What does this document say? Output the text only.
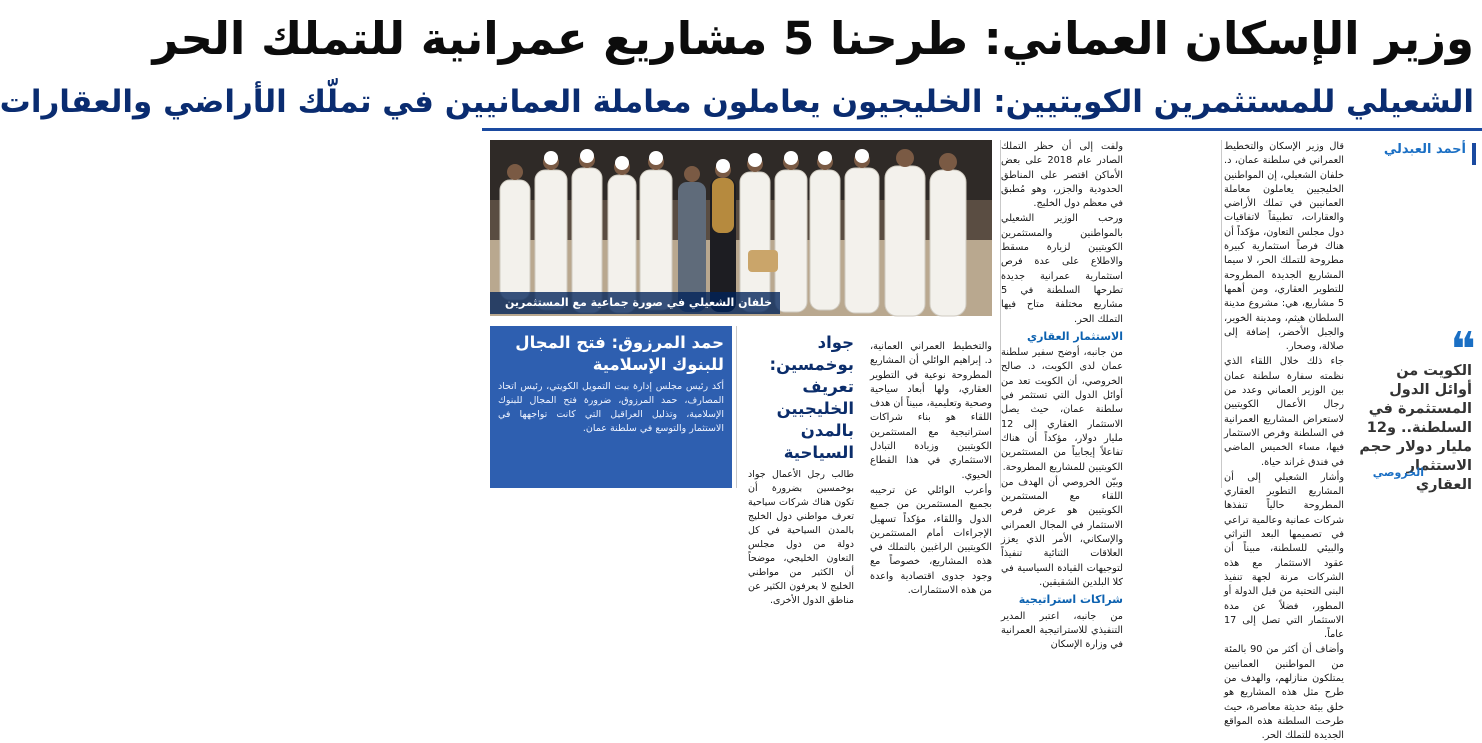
وزير الإسكان العماني: طرحنا 5 مشاريع عمرانية للتملك الحر
الشعيلي للمستثمرين الكويتيين: الخليجيون يعاملون معاملة العمانيين في تملّك الأراضي والعقارات
أحمد العبدلي

قال وزير الإسكان والتخطيط العمراني في سلطنة عمان، د. خلفان الشعيلي، إن المواطنين الخليجيين يعاملون معاملة العمانيين في تملك الأراضي والعقارات، تطبيقاً لاتفاقيات دول مجلس التعاون، مؤكداً أن هناك فرصاً استثمارية كبيرة مطروحة للتملك الحر، لا سيما المشاريع الجديدة المطروحة للتطوير العقاري، ومن أهمها 5 مشاريع، هي: مشروع مدينة السلطان هيثم، ومدينة الخوير، والجبل الأخضر، إضافة إلى صلالة، وصحار.

جاء ذلك خلال اللقاء الذي نظمته سفارة سلطنة عمان بين الوزير العماني وعدد من رجال الأعمال الكويتيين لاستعراض المشاريع العمرانية في السلطنة وفرص الاستثمار فيها، مساء الخميس الماضي في فندق غراند حياة.

وأشار الشعيلي إلى أن المشاريع التطوير العقاري المطروحة حالياً تنفذها شركات عمانية وعالمية تراعي في تصميمها البعد التراثي والبيئي للسلطنة، مبيناً أن عقود الاستثمار مع هذه الشركات مرنة لجهة تنفيذ البنى التحتية من قبل الدولة أو المطور، فضلاً عن مدة الاستثمار التي تصل إلى 17 عاماً.

وأضاف أن أكثر من 90 بالمئة من المواطنين العمانيين يمتلكون منازلهم، والهدف من طرح مثل هذه المشاريع هو خلق بيئة حديثة معاصرة، حيث طرحت السلطنة هذه المواقع الجديدة للتملك الحر.

ولفت إلى أن حظر التملك الصادر عام 2018 على بعض الأماكن اقتصر على المناطق الحدودية والجزر، وهو مُطبق في معظم دول الخليج.

ورحب الوزير الشعيلي بالمواطنين والمستثمرين الكويتيين لزيارة مسقط والاطلاع على عدة فرص استثمارية عمرانية جديدة تطرحها السلطنة في 5 مشاريع مختلفة متاح فيها التملك الحر.

الاستثمار العقاري

من جانبه، أوضح سفير سلطنة عمان لدى الكويت، د. صالح الخروصي، أن الكويت تعد من أوائل الدول التي تستثمر في سلطنة عمان، حيث يصل الاستثمار العقاري إلى 12 مليار دولار، مؤكداً أن هناك تفاعلاً إيجابياً من المستثمرين الكويتيين للمشاريع المطروحة.

وبيّن الخروصي أن الهدف من اللقاء مع المستثمرين الكويتيين هو عرض فرص الاستثمار في المجال العمراني والإسكاني، الأمر الذي يعزز العلاقات الثنائية تنفيذاً لتوجيهات القيادة السياسية في كلا البلدين الشقيقين.

شراكات استراتيجية

من جانبه، اعتبر المدير التنفيذي للاستراتيجية العمرانية في وزارة الإسكان

خلفان الشعيلي في صورة جماعية مع المستثمرين

والتخطيط العمراني العمانية، د. إبراهيم الوائلي أن المشاريع المطروحة نوعية في التطوير العقاري، ولها أبعاد سياحية وصحية وتعليمية، مبيناً أن هدف اللقاء هو بناء شراكات استراتيجية مع المستثمرين الكويتيين وزيادة التبادل الاستثماري في هذا القطاع الحيوي.

وأعرب الوائلي عن ترحيبه بجميع المستثمرين من جميع الدول واللقاء، مؤكداً تسهيل الإجراءات أمام المستثمرين الكويتيين الراغبين بالتملك في هذه المشاريع، خصوصاً مع وجود جدوى اقتصادية واعدة من هذه الاستثمارات.

جواد بوخمسين: تعريف الخليجيين بالمدن السياحية
طالب رجل الأعمال جواد بوخمسين بضرورة أن تكون هناك شركات سياحية تعرف مواطني دول الخليج بالمدن السياحية في كل دولة من دول مجلس التعاون الخليجي، موضحاً أن الكثير من مواطني الخليج لا يعرفون الكثير عن مناطق الدول الأخرى.
حمد المرزوق: فتح المجال للبنوك الإسلامية
أكد رئيس مجلس إدارة بيت التمويل الكويتي، رئيس اتحاد المصارف، حمد المرزوق، ضرورة فتح المجال للبنوك الإسلامية، وتذليل العراقيل التي كانت تواجهها في الاستثمار والتوسع في سلطنة عمان.
❝
الكويت من أوائل الدول المستثمرة في السلطنة.. و12 مليار دولار حجم الاستثمار العقاري
الخروصي
